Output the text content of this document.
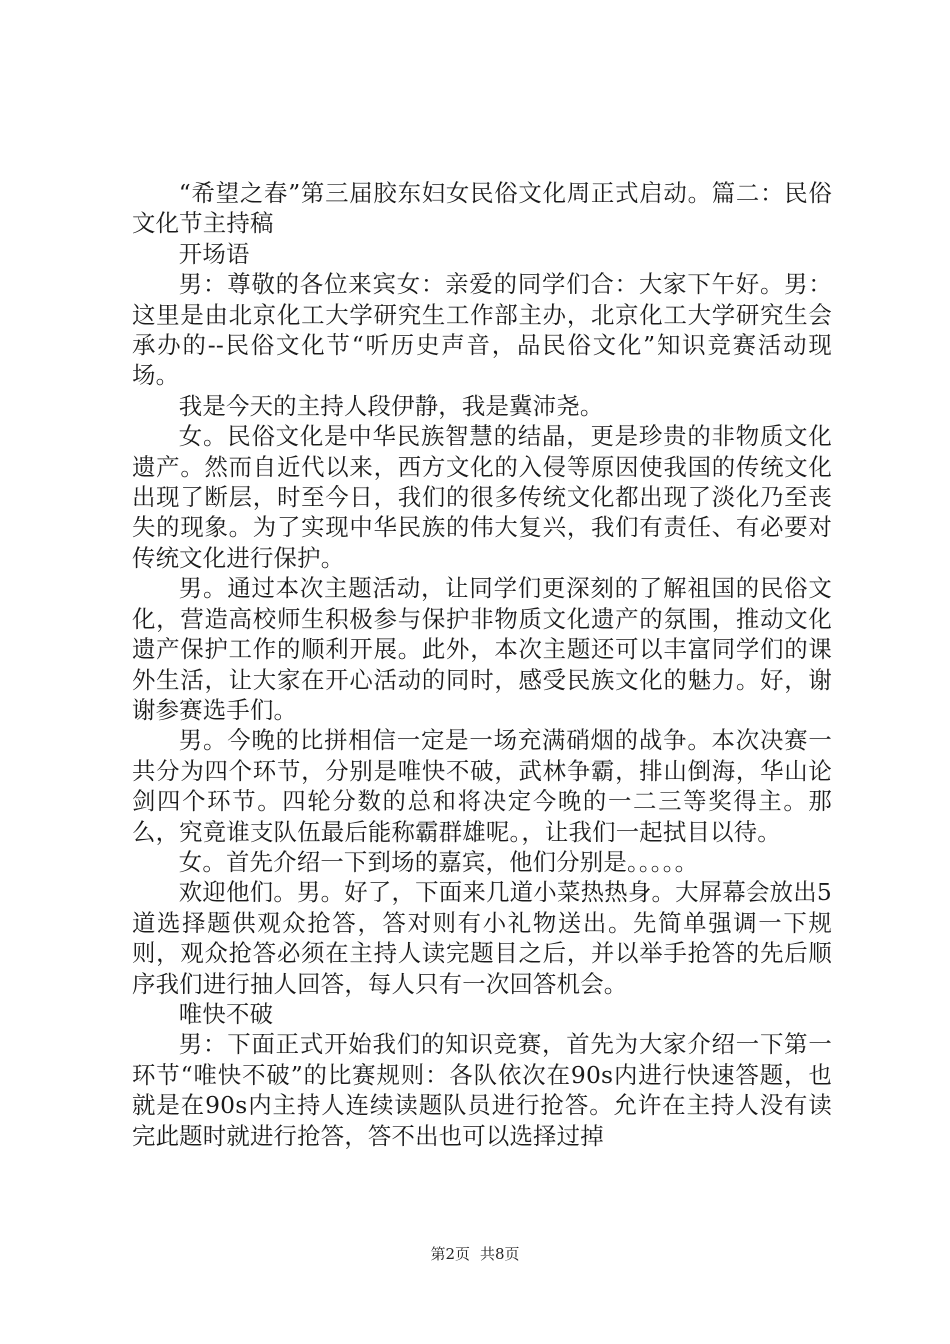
“希望之春”第三届胶东妇女民俗文化周正式启动。篇二：民俗文化节主持稿

开场语

男：尊敬的各位来宾女：亲爱的同学们合：大家下午好。男：这里是由北京化工大学研究生工作部主办，北京化工大学研究生会承办的--民俗文化节“听历史声音，品民俗文化”知识竞赛活动现场。

我是今天的主持人段伊静，我是冀沛尧。

女。民俗文化是中华民族智慧的结晶，更是珍贵的非物质文化遗产。然而自近代以来，西方文化的入侵等原因使我国的传统文化出现了断层，时至今日，我们的很多传统文化都出现了淡化乃至丧失的现象。为了实现中华民族的伟大复兴，我们有责任、有必要对传统文化进行保护。

男。通过本次主题活动，让同学们更深刻的了解祖国的民俗文化，营造高校师生积极参与保护非物质文化遗产的氛围，推动文化遗产保护工作的顺利开展。此外，本次主题还可以丰富同学们的课外生活，让大家在开心活动的同时，感受民族文化的魅力。好，谢谢参赛选手们。

男。今晚的比拼相信一定是一场充满硝烟的战争。本次决赛一共分为四个环节，分别是唯快不破，武林争霸，排山倒海，华山论剑四个环节。四轮分数的总和将决定今晚的一二三等奖得主。那么，究竟谁支队伍最后能称霸群雄呢。，让我们一起拭目以待。

女。首先介绍一下到场的嘉宾，他们分别是。。。。。

欢迎他们。男。好了，下面来几道小菜热热身。大屏幕会放出5道选择题供观众抢答，答对则有小礼物送出。先简单强调一下规则，观众抢答必须在主持人读完题目之后，并以举手抢答的先后顺序我们进行抽人回答，每人只有一次回答机会。

唯快不破

男：下面正式开始我们的知识竞赛，首先为大家介绍一下第一环节“唯快不破”的比赛规则：各队依次在90s内进行快速答题，也就是在90s内主持人连续读题队员进行抢答。允许在主持人没有读完此题时就进行抢答，答不出也可以选择过掉

第2页 共8页
